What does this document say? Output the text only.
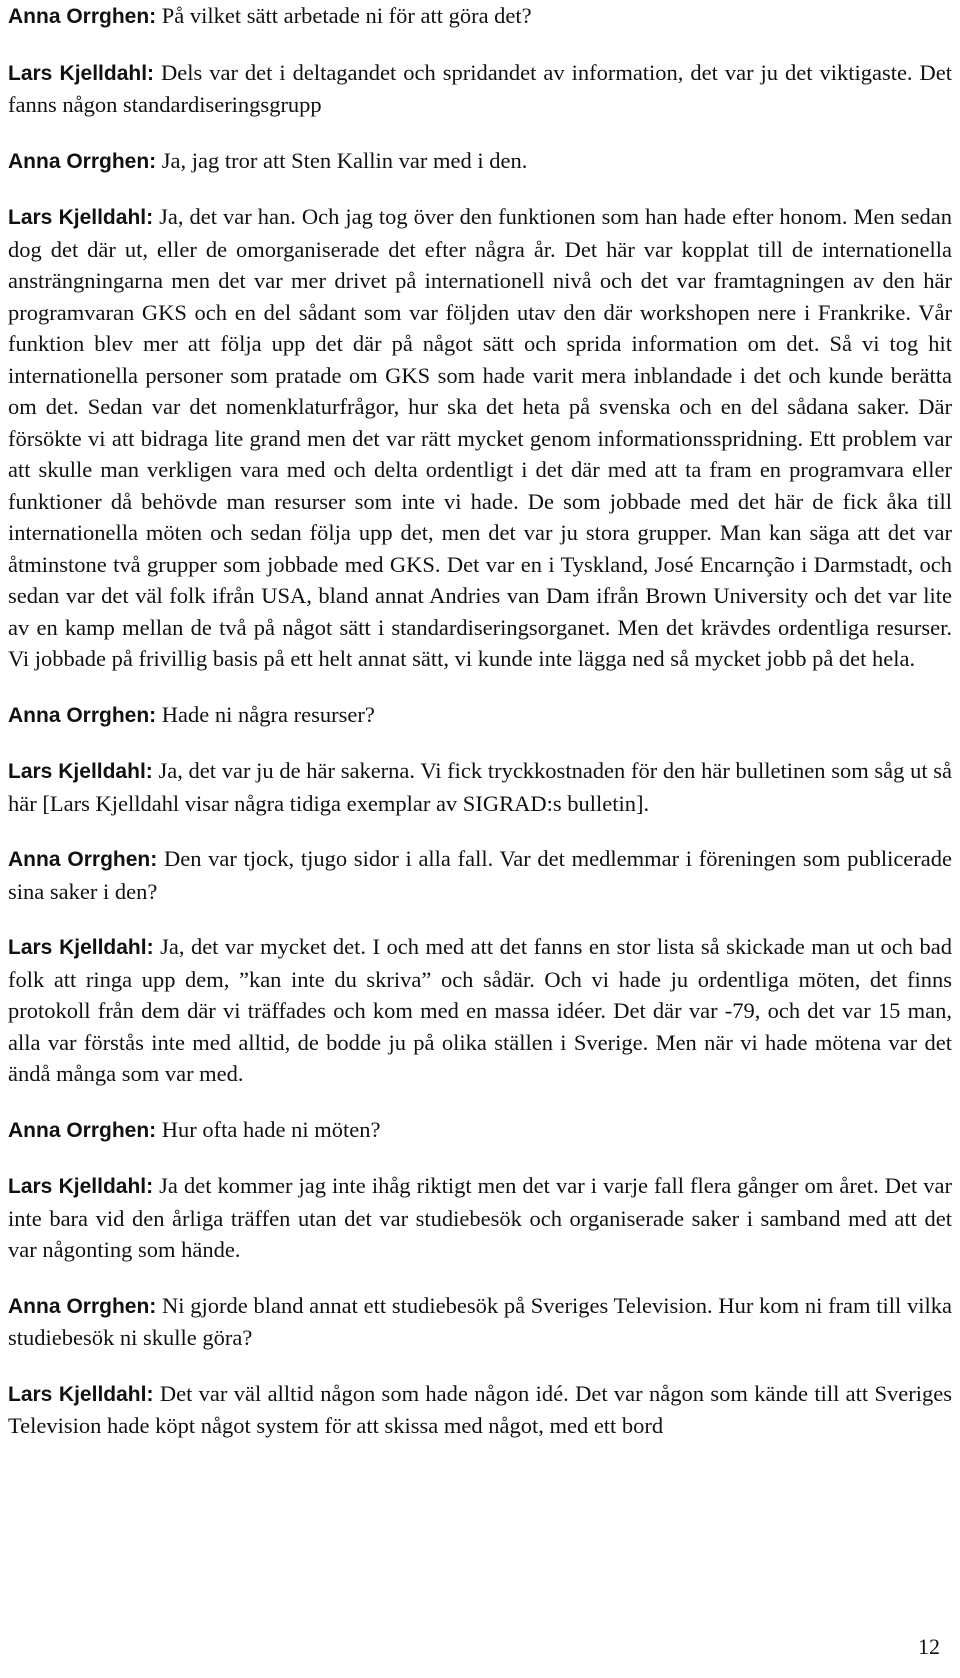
Anna Orrghen: På vilket sätt arbetade ni för att göra det?

Lars Kjelldahl: Dels var det i deltagandet och spridandet av information, det var ju det viktigaste. Det fanns någon standardiseringsgrupp

Anna Orrghen: Ja, jag tror att Sten Kallin var med i den.

Lars Kjelldahl: Ja, det var han. Och jag tog över den funktionen som han hade efter honom. Men sedan dog det där ut, eller de omorganiserade det efter några år. Det här var kopplat till de internationella ansträngningarna men det var mer drivet på internationell nivå och det var framtagningen av den här programvaran GKS och en del sådant som var följden utav den där workshopen nere i Frankrike. Vår funktion blev mer att följa upp det där på något sätt och sprida information om det. Så vi tog hit internationella personer som pratade om GKS som hade varit mera inblandade i det och kunde berätta om det. Sedan var det nomenklaturfrågor, hur ska det heta på svenska och en del sådana saker. Där försökte vi att bidraga lite grand men det var rätt mycket genom informationsspridning. Ett problem var att skulle man verkligen vara med och delta ordentligt i det där med att ta fram en programvara eller funktioner då behövde man resurser som inte vi hade. De som jobbade med det här de fick åka till internationella möten och sedan följa upp det, men det var ju stora grupper. Man kan säga att det var åtminstone två grupper som jobbade med GKS. Det var en i Tyskland, José Encarnção i Darmstadt, och sedan var det väl folk ifrån USA, bland annat Andries van Dam ifrån Brown University och det var lite av en kamp mellan de två på något sätt i standardiseringsorganet. Men det krävdes ordentliga resurser. Vi jobbade på frivillig basis på ett helt annat sätt, vi kunde inte lägga ned så mycket jobb på det hela.

Anna Orrghen: Hade ni några resurser?

Lars Kjelldahl: Ja, det var ju de här sakerna. Vi fick tryckkostnaden för den här bulletinen som såg ut så här [Lars Kjelldahl visar några tidiga exemplar av SIGRAD:s bulletin].

Anna Orrghen: Den var tjock, tjugo sidor i alla fall. Var det medlemmar i föreningen som publicerade sina saker i den?

Lars Kjelldahl: Ja, det var mycket det. I och med att det fanns en stor lista så skickade man ut och bad folk att ringa upp dem, ”kan inte du skriva” och sådär. Och vi hade ju ordentliga möten, det finns protokoll från dem där vi träffades och kom med en massa idéer. Det där var -79, och det var 15 man, alla var förstås inte med alltid, de bodde ju på olika ställen i Sverige. Men när vi hade mötena var det ändå många som var med.

Anna Orrghen: Hur ofta hade ni möten?

Lars Kjelldahl: Ja det kommer jag inte ihåg riktigt men det var i varje fall flera gånger om året. Det var inte bara vid den årliga träffen utan det var studiebesök och organiserade saker i samband med att det var någonting som hände.

Anna Orrghen: Ni gjorde bland annat ett studiebesök på Sveriges Television. Hur kom ni fram till vilka studiebesök ni skulle göra?

Lars Kjelldahl: Det var väl alltid någon som hade någon idé. Det var någon som kände till att Sveriges Television hade köpt något system för att skissa med något, med ett bord

12
